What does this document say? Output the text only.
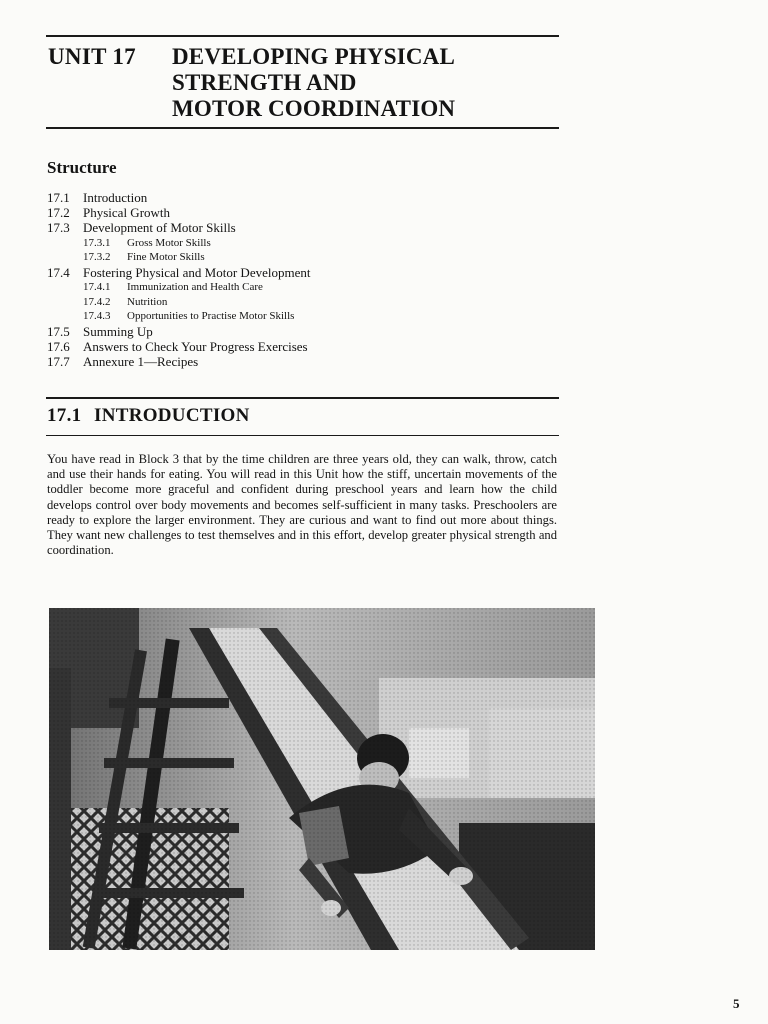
UNIT 17 DEVELOPING PHYSICAL
STRENGTH AND
MOTOR COORDINATION
Structure
17.1 Introduction
17.2 Physical Growth
17.3 Development of Motor Skills
17.3.1 Gross Motor Skills
17.3.2 Fine Motor Skills
17.4 Fostering Physical and Motor Development
17.4.1 Immunization and Health Care
17.4.2 Nutrition
17.4.3 Opportunities to Practise Motor Skills
17.5 Summing Up
17.6 Answers to Check Your Progress Exercises
17.7 Annexure 1—Recipes
17.1 INTRODUCTION

You have read in Block 3 that by the time children are three years old, they can walk, throw, catch and use their hands for eating. You will read in this Unit how the stiff, uncertain movements of the toddler become more graceful and confident during preschool years and learn how the child develops control over body movements and becomes self-sufficient in many tasks. Preschoolers are ready to explore the larger environment. They are curious and want to find out more about things. They want new challenges to test themselves and in this effort, develop greater physical strength and coordination.

5
